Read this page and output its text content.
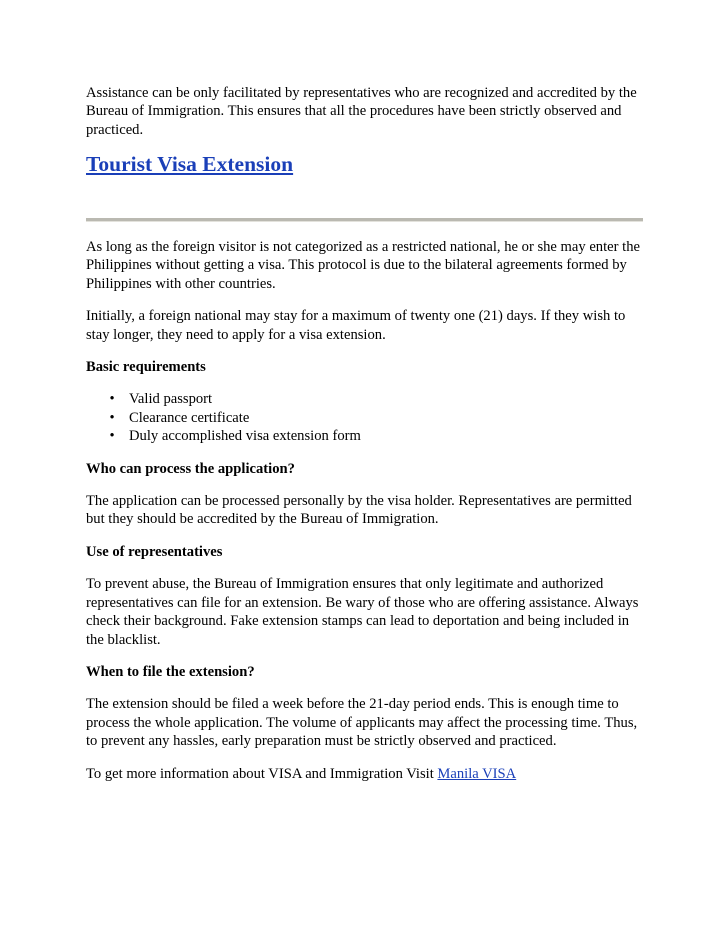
Assistance can be only facilitated by representatives who are recognized and accredited by the Bureau of Immigration. This ensures that all the procedures have been strictly observed and practiced.

Tourist Visa Extension

As long as the foreign visitor is not categorized as a restricted national, he or she may enter the Philippines without getting a visa. This protocol is due to the bilateral agreements formed by Philippines with other countries.

Initially, a foreign national may stay for a maximum of twenty one (21) days. If they wish to stay longer, they need to apply for a visa extension.

Basic requirements

• Valid passport
• Clearance certificate
• Duly accomplished visa extension form

Who can process the application?

The application can be processed personally by the visa holder. Representatives are permitted but they should be accredited by the Bureau of Immigration.

Use of representatives

To prevent abuse, the Bureau of Immigration ensures that only legitimate and authorized representatives can file for an extension. Be wary of those who are offering assistance. Always check their background. Fake extension stamps can lead to deportation and being included in the blacklist.

When to file the extension?

The extension should be filed a week before the 21-day period ends. This is enough time to process the whole application. The volume of applicants may affect the processing time. Thus, to prevent any hassles, early preparation must be strictly observed and practiced.

To get more information about VISA and Immigration Visit Manila VISA
